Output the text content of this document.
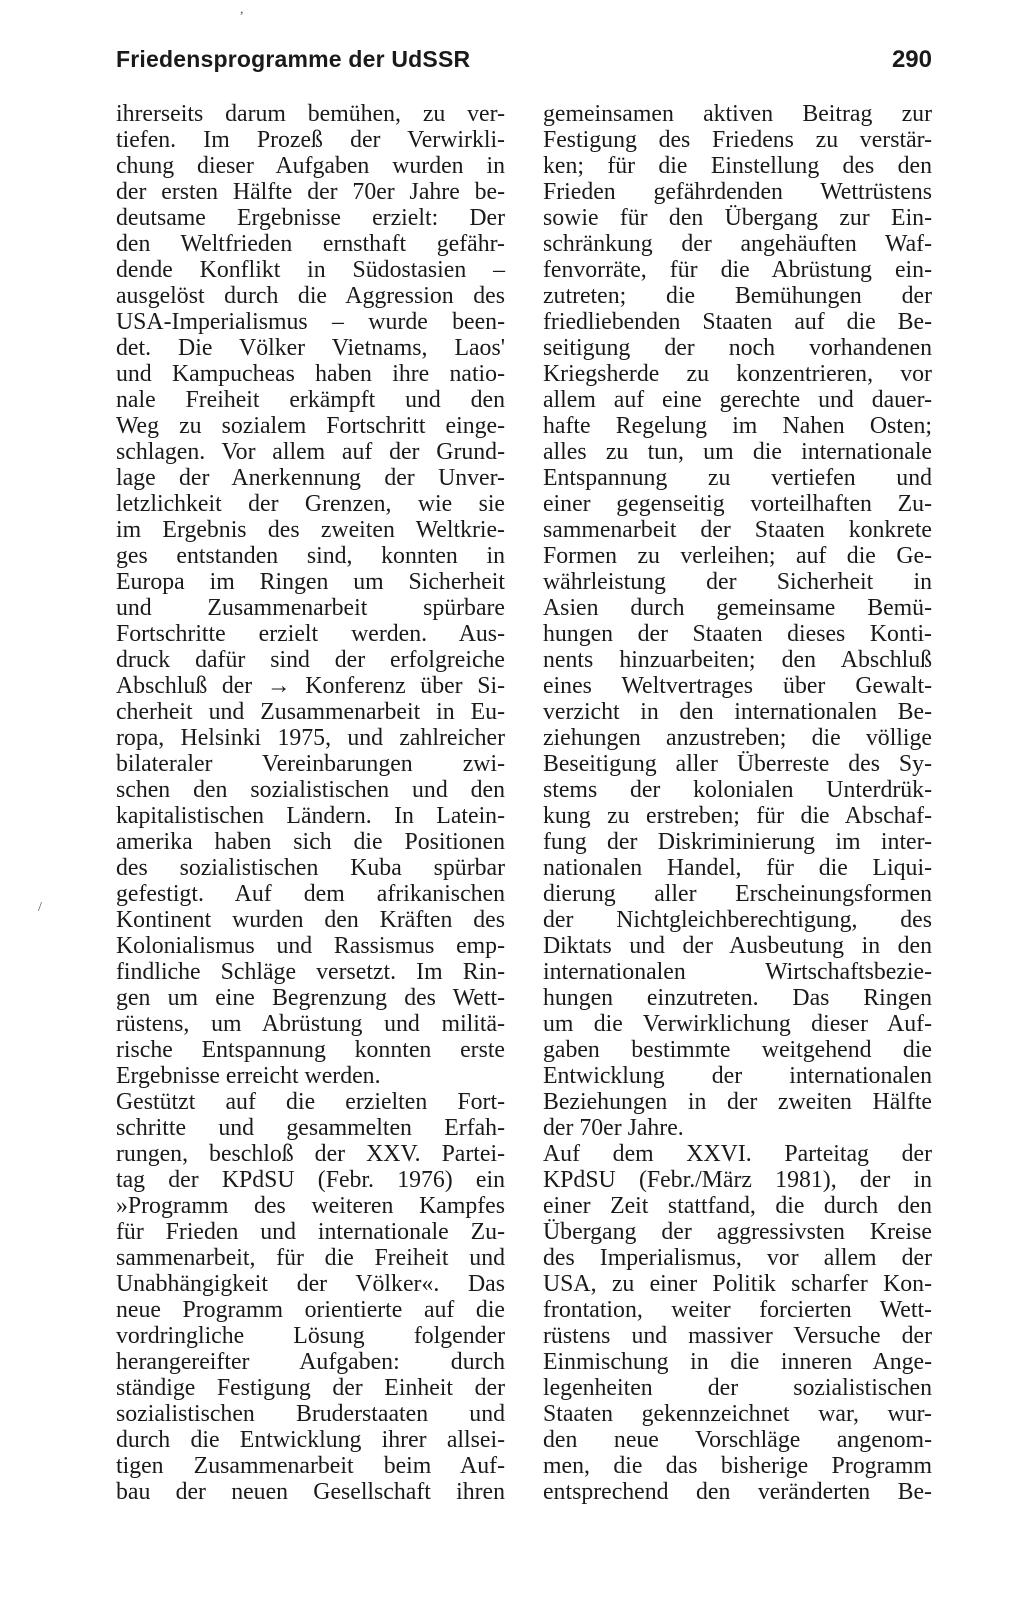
Friedensprogramme der UdSSR	290
,
/
ihrerseits darum bemühen, zu ver-
tiefen. Im Prozeß der Verwirkli-
chung dieser Aufgaben wurden in
der ersten Hälfte der 70er Jahre be-
deutsame Ergebnisse erzielt: Der
den Weltfrieden ernsthaft gefähr-
dende Konflikt in Südostasien –
ausgelöst durch die Aggression des
USA-Imperialismus – wurde been-
det. Die Völker Vietnams, Laos'
und Kampucheas haben ihre natio-
nale Freiheit erkämpft und den
Weg zu sozialem Fortschritt einge-
schlagen. Vor allem auf der Grund-
lage der Anerkennung der Unver-
letzlichkeit der Grenzen, wie sie
im Ergebnis des zweiten Weltkrie-
ges entstanden sind, konnten in
Europa im Ringen um Sicherheit
und Zusammenarbeit spürbare
Fortschritte erzielt werden. Aus-
druck dafür sind der erfolgreiche
Abschluß der → Konferenz über Si-
cherheit und Zusammenarbeit in Eu-
ropa, Helsinki 1975, und zahlreicher
bilateraler Vereinbarungen zwi-
schen den sozialistischen und den
kapitalistischen Ländern. In Latein-
amerika haben sich die Positionen
des sozialistischen Kuba spürbar
gefestigt. Auf dem afrikanischen
Kontinent wurden den Kräften des
Kolonialismus und Rassismus emp-
findliche Schläge versetzt. Im Rin-
gen um eine Begrenzung des Wett-
rüstens, um Abrüstung und militä-
rische Entspannung konnten erste
Ergebnisse erreicht werden.
Gestützt auf die erzielten Fort-
schritte und gesammelten Erfah-
rungen, beschloß der XXV. Partei-
tag der KPdSU (Febr. 1976) ein
»Programm des weiteren Kampfes
für Frieden und internationale Zu-
sammenarbeit, für die Freiheit und
Unabhängigkeit der Völker«. Das
neue Programm orientierte auf die
vordringliche Lösung folgender
herangereifter Aufgaben: durch
ständige Festigung der Einheit der
sozialistischen Bruderstaaten und
durch die Entwicklung ihrer allsei-
tigen Zusammenarbeit beim Auf-
bau der neuen Gesellschaft ihren
gemeinsamen aktiven Beitrag zur
Festigung des Friedens zu verstär-
ken; für die Einstellung des den
Frieden gefährdenden Wettrüstens
sowie für den Übergang zur Ein-
schränkung der angehäuften Waf-
fenvorräte, für die Abrüstung ein-
zutreten; die Bemühungen der
friedliebenden Staaten auf die Be-
seitigung der noch vorhandenen
Kriegsherde zu konzentrieren, vor
allem auf eine gerechte und dauer-
hafte Regelung im Nahen Osten;
alles zu tun, um die internationale
Entspannung zu vertiefen und
einer gegenseitig vorteilhaften Zu-
sammenarbeit der Staaten konkrete
Formen zu verleihen; auf die Ge-
währleistung der Sicherheit in
Asien durch gemeinsame Bemü-
hungen der Staaten dieses Konti-
nents hinzuarbeiten; den Abschluß
eines Weltvertrages über Gewalt-
verzicht in den internationalen Be-
ziehungen anzustreben; die völlige
Beseitigung aller Überreste des Sy-
stems der kolonialen Unterdrük-
kung zu erstreben; für die Abschaf-
fung der Diskriminierung im inter-
nationalen Handel, für die Liqui-
dierung aller Erscheinungsformen
der Nichtgleichberechtigung, des
Diktats und der Ausbeutung in den
internationalen Wirtschaftsbezie-
hungen einzutreten. Das Ringen
um die Verwirklichung dieser Auf-
gaben bestimmte weitgehend die
Entwicklung der internationalen
Beziehungen in der zweiten Hälfte
der 70er Jahre.
Auf dem XXVI. Parteitag der
KPdSU (Febr./März 1981), der in
einer Zeit stattfand, die durch den
Übergang der aggressivsten Kreise
des Imperialismus, vor allem der
USA, zu einer Politik scharfer Kon-
frontation, weiter forcierten Wett-
rüstens und massiver Versuche der
Einmischung in die inneren Ange-
legenheiten der sozialistischen
Staaten gekennzeichnet war, wur-
den neue Vorschläge angenom-
men, die das bisherige Programm
entsprechend den veränderten Be-
